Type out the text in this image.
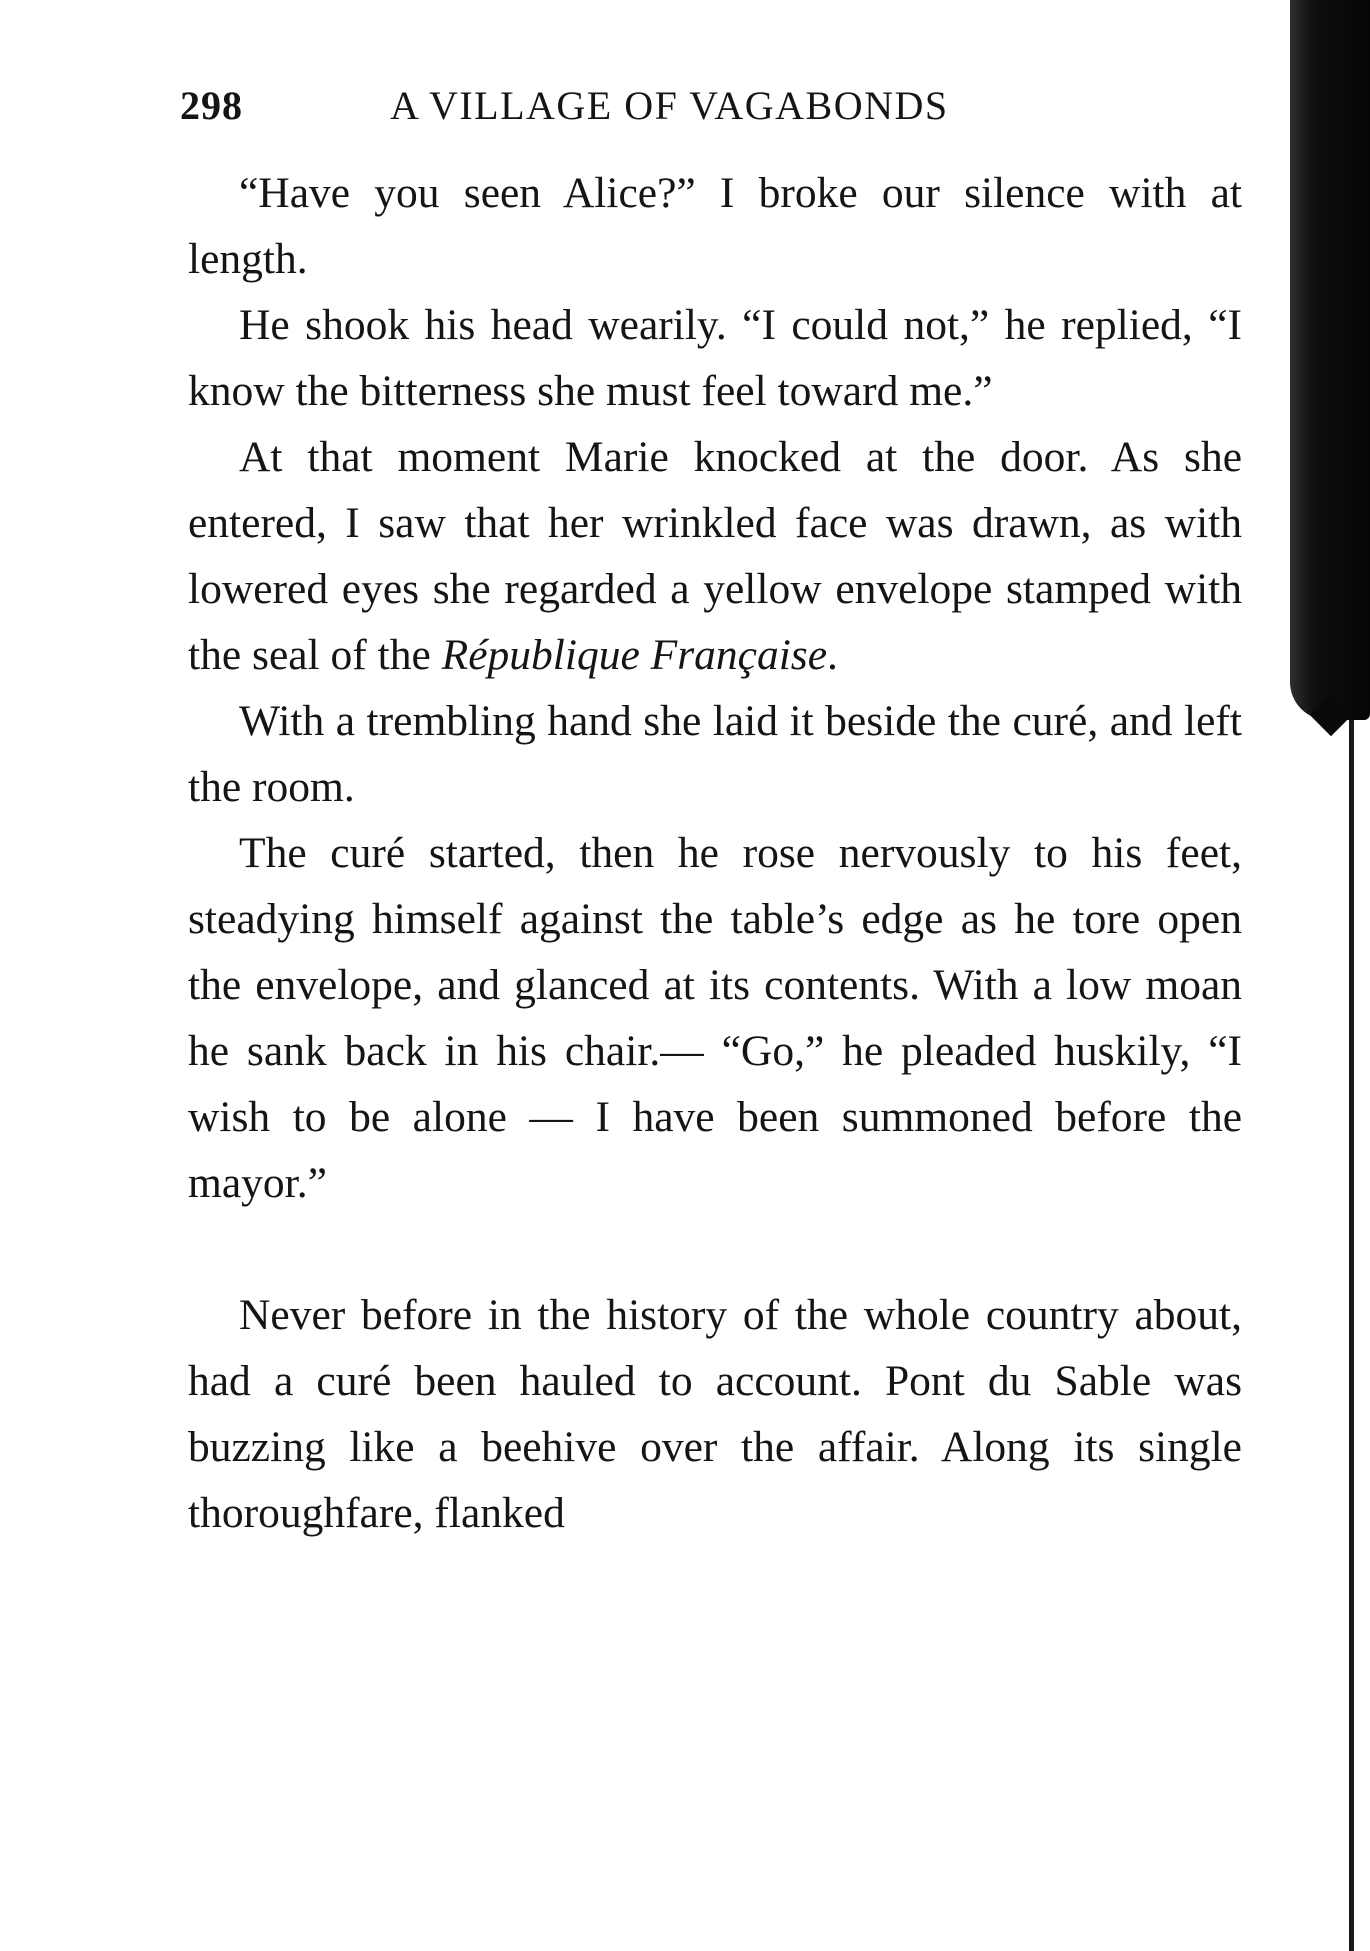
298	A VILLAGE OF VAGABONDS

“Have you seen Alice?” I broke our silence with at length.

He shook his head wearily. “I could not,” he replied, “I know the bitterness she must feel toward me.”

At that moment Marie knocked at the door. As she entered, I saw that her wrinkled face was drawn, as with lowered eyes she regarded a yellow envelope stamped with the seal of the République Française.

With a trembling hand she laid it beside the curé, and left the room.

The curé started, then he rose nervously to his feet, steadying himself against the table’s edge as he tore open the envelope, and glanced at its contents. With a low moan he sank back in his chair.— “Go,” he pleaded huskily, “I wish to be alone — I have been summoned before the mayor.”

Never before in the history of the whole country about, had a curé been hauled to account. Pont du Sable was buzzing like a beehive over the affair. Along its single thoroughfare, flanked
